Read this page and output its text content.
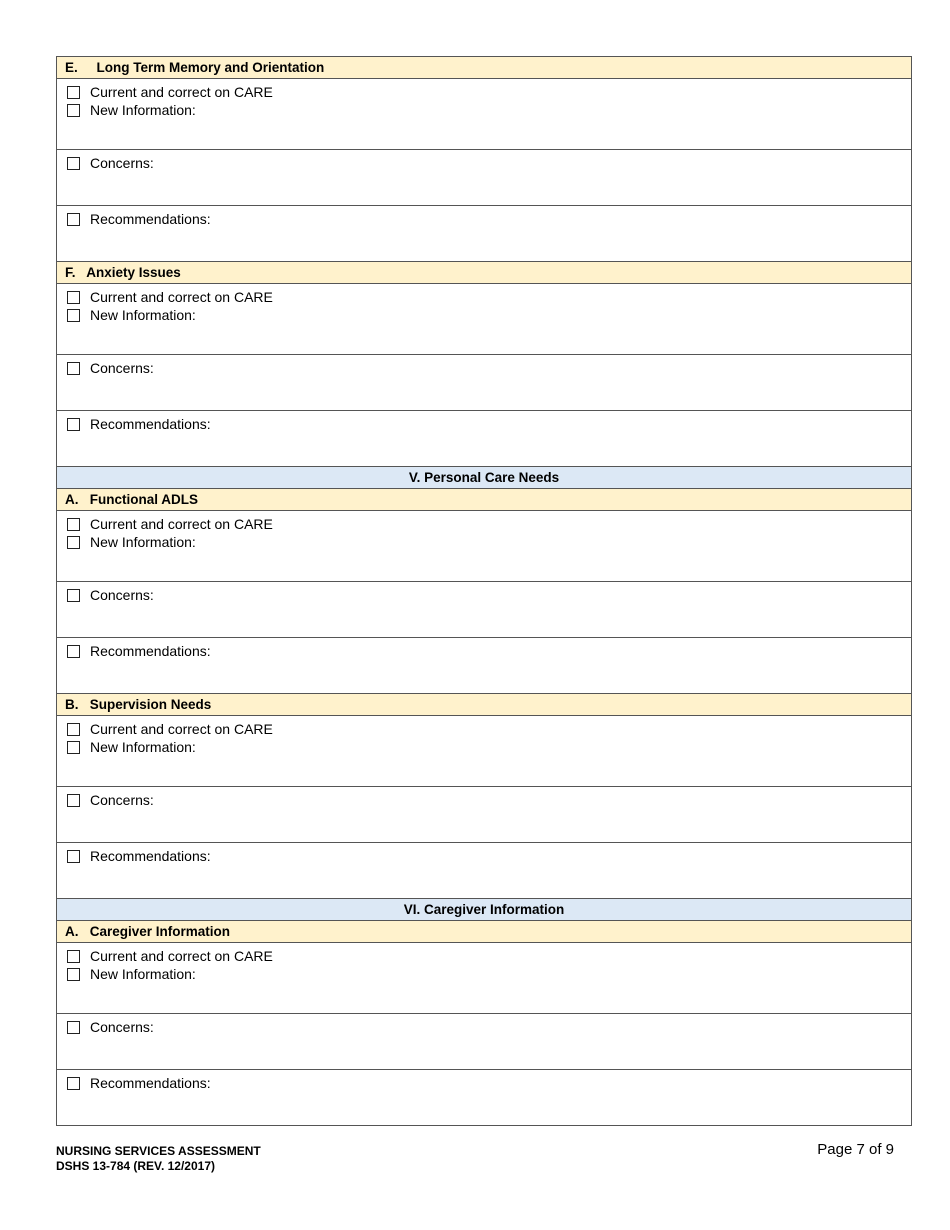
E.     Long Term Memory and Orientation
Current and correct on CARE
New Information:
Concerns:
Recommendations:
F.   Anxiety Issues
Current and correct on CARE
New Information:
Concerns:
Recommendations:
V. Personal Care Needs
A.   Functional ADLS
Current and correct on CARE
New Information:
Concerns:
Recommendations:
B.   Supervision Needs
Current and correct on CARE
New Information:
Concerns:
Recommendations:
VI. Caregiver Information
A.   Caregiver Information
Current and correct on CARE
New Information:
Concerns:
Recommendations:
NURSING SERVICES ASSESSMENT
DSHS 13-784 (REV. 12/2017)
Page 7 of 9
